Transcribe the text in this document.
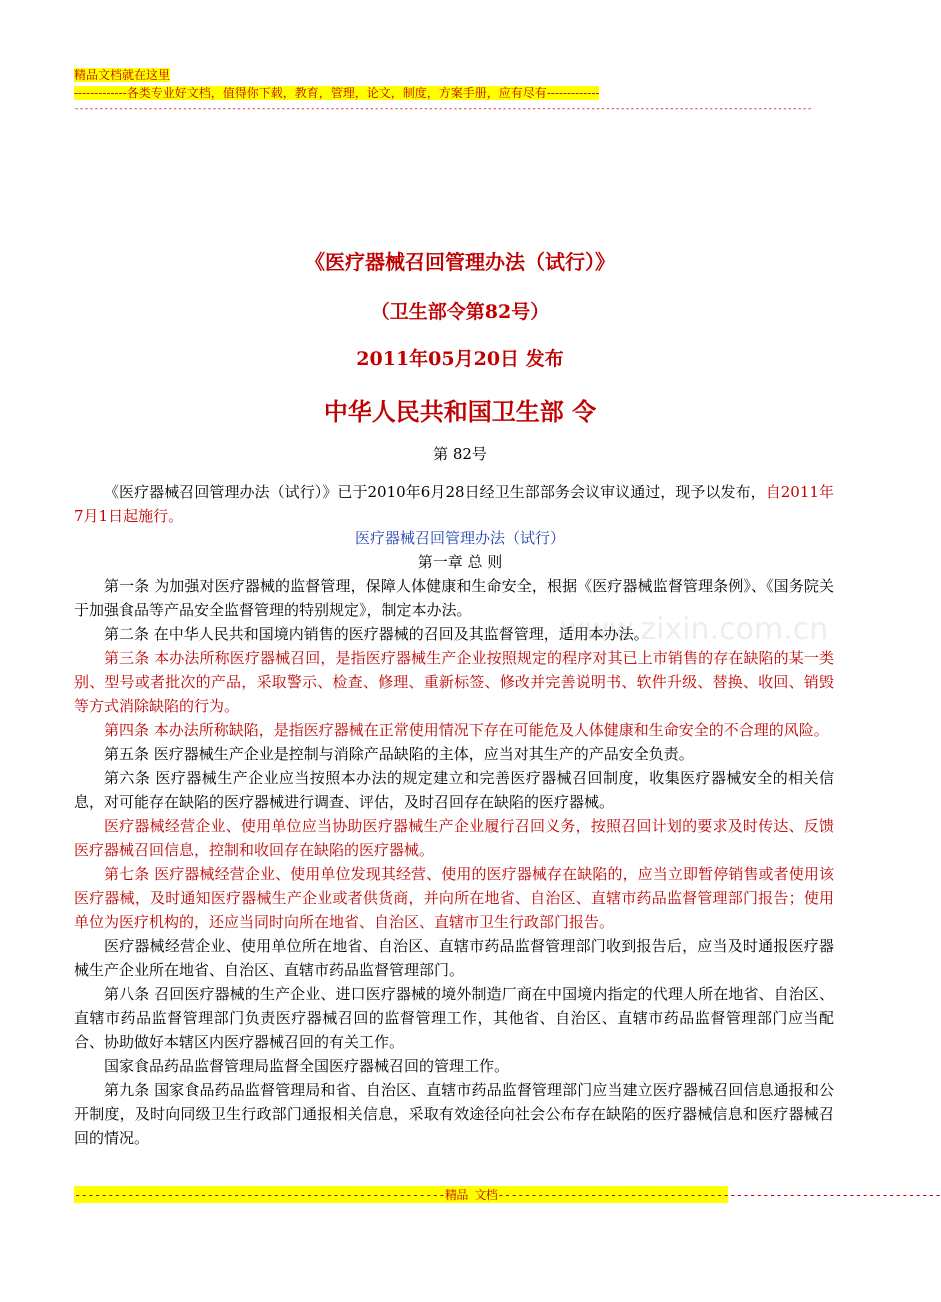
精品文档就在这里
-------------各类专业好文档，值得你下载，教育，管理，论文，制度，方案手册，应有尽有-------------
------------------------------------------------------------------------------------------------------------------------------------------------------
www.zixin.com.cn
《医疗器械召回管理办法（试行）》
（卫生部令第82号）
2011年05月20日 发布
中华人民共和国卫生部 令
第 82号

《医疗器械召回管理办法（试行）》已于2010年6月28日经卫生部部务会议审议通过，现予以发布，自2011年7月1日起施行。

医疗器械召回管理办法（试行）
第一章 总 则

第一条 为加强对医疗器械的监督管理，保障人体健康和生命安全，根据《医疗器械监督管理条例》、《国务院关于加强食品等产品安全监督管理的特别规定》，制定本办法。

第二条 在中华人民共和国境内销售的医疗器械的召回及其监督管理，适用本办法。

第三条 本办法所称医疗器械召回，是指医疗器械生产企业按照规定的程序对其已上市销售的存在缺陷的某一类别、型号或者批次的产品，采取警示、检查、修理、重新标签、修改并完善说明书、软件升级、替换、收回、销毁等方式消除缺陷的行为。

第四条 本办法所称缺陷，是指医疗器械在正常使用情况下存在可能危及人体健康和生命安全的不合理的风险。

第五条 医疗器械生产企业是控制与消除产品缺陷的主体，应当对其生产的产品安全负责。

第六条 医疗器械生产企业应当按照本办法的规定建立和完善医疗器械召回制度，收集医疗器械安全的相关信息，对可能存在缺陷的医疗器械进行调查、评估，及时召回存在缺陷的医疗器械。

医疗器械经营企业、使用单位应当协助医疗器械生产企业履行召回义务，按照召回计划的要求及时传达、反馈医疗器械召回信息，控制和收回存在缺陷的医疗器械。

第七条 医疗器械经营企业、使用单位发现其经营、使用的医疗器械存在缺陷的，应当立即暂停销售或者使用该医疗器械，及时通知医疗器械生产企业或者供货商，并向所在地省、自治区、直辖市药品监督管理部门报告；使用单位为医疗机构的，还应当同时向所在地省、自治区、直辖市卫生行政部门报告。

医疗器械经营企业、使用单位所在地省、自治区、直辖市药品监督管理部门收到报告后，应当及时通报医疗器械生产企业所在地省、自治区、直辖市药品监督管理部门。

第八条 召回医疗器械的生产企业、进口医疗器械的境外制造厂商在中国境内指定的代理人所在地省、自治区、直辖市药品监督管理部门负责医疗器械召回的监督管理工作，其他省、自治区、直辖市药品监督管理部门应当配合、协助做好本辖区内医疗器械召回的有关工作。

国家食品药品监督管理局监督全国医疗器械召回的管理工作。

第九条 国家食品药品监督管理局和省、自治区、直辖市药品监督管理部门应当建立医疗器械召回信息通报和公开制度，及时向同级卫生行政部门通报相关信息，采取有效途径向社会公布存在缺陷的医疗器械信息和医疗器械召回的情况。

--------------------------------------------------------精品 文档-------------------------------------------------------------------
